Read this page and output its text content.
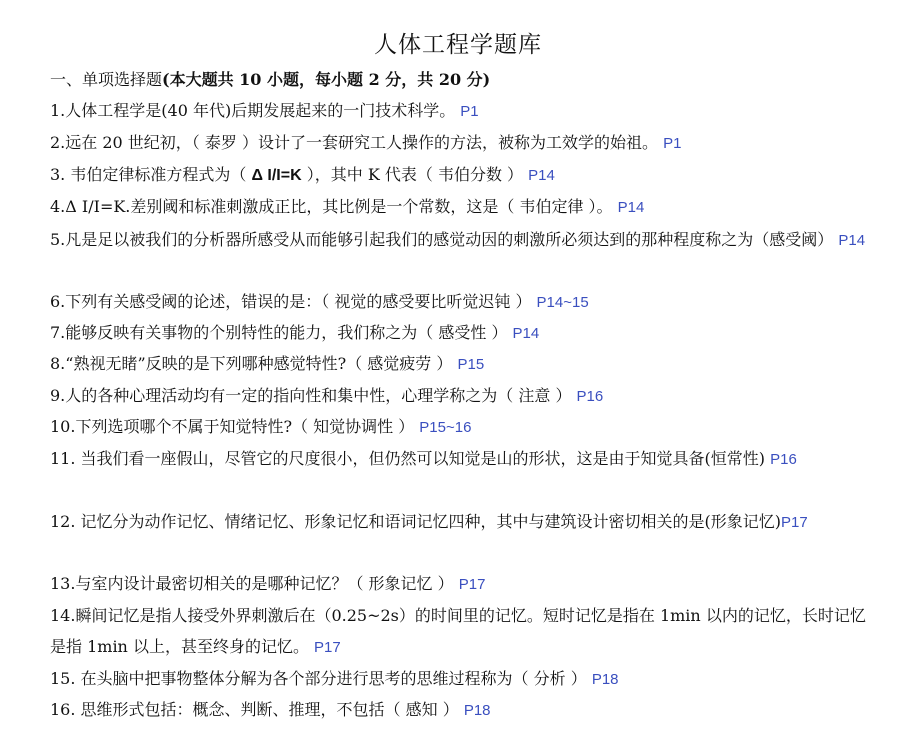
人体工程学题库
一、单项选择题(本大题共 10 小题，每小题 2 分，共 20 分)
1.人体工程学是(40 年代)后期发展起来的一门技术科学。 P1
2.远在 20 世纪初，（ 泰罗 ）设计了一套研究工人操作的方法，被称为工效学的始祖。 P1
3. 韦伯定律标准方程式为（ Δ I/I=K ），其中 K 代表（ 韦伯分数 ） P14
4.Δ I/I=K.差别阈和标准刺激成正比，其比例是一个常数，这是（ 韦伯定律 ）。 P14
5.凡是足以被我们的分析器所感受从而能够引起我们的感觉动因的刺激所必须达到的那种程度称之为（感受阈） P14
6.下列有关感受阈的论述，错误的是：（ 视觉的感受要比听觉迟钝 ） P14~15
7.能够反映有关事物的个别特性的能力，我们称之为（ 感受性 ） P14
8.“熟视无睹”反映的是下列哪种感觉特性?（ 感觉疲劳 ） P15
9.人的各种心理活动均有一定的指向性和集中性，心理学称之为（ 注意 ） P16
10.下列选项哪个不属于知觉特性?（ 知觉协调性 ） P15~16
11. 当我们看一座假山，尽管它的尺度很小，但仍然可以知觉是山的形状，这是由于知觉具备(恒常性) P16
12. 记忆分为动作记忆、情绪记忆、形象记忆和语词记忆四种，其中与建筑设计密切相关的是(形象记忆)P17
13.与室内设计最密切相关的是哪种记忆？（ 形象记忆 ） P17
14.瞬间记忆是指人接受外界刺激后在（0.25~2s）的时间里的记忆。短时记忆是指在 1min 以内的记忆，长时记忆是指 1min 以上，甚至终身的记忆。 P17
15. 在头脑中把事物整体分解为各个部分进行思考的思维过程称为（ 分析 ） P18
16. 思维形式包括：概念、判断、推理，不包括（ 感知 ） P18
